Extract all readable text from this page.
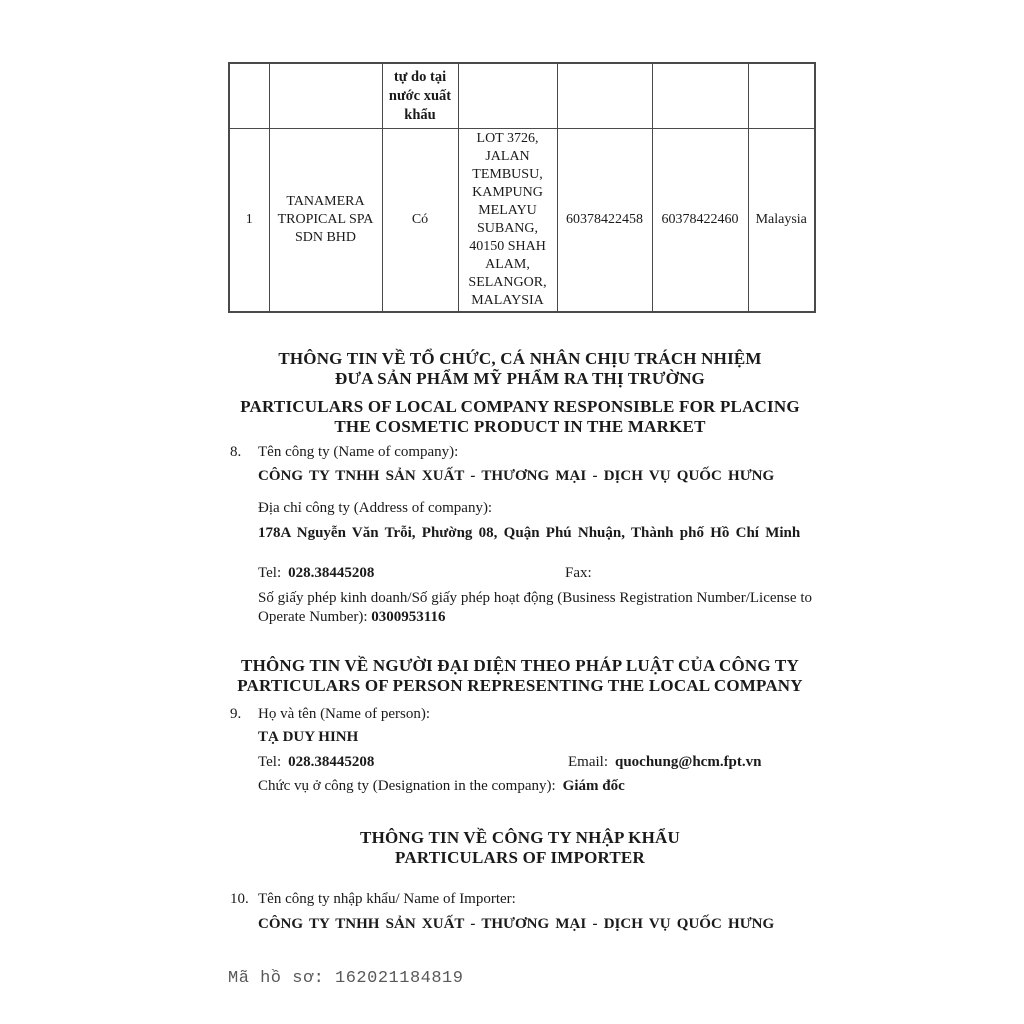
		tự do tại nước xuất khẩu				
1	TANAMERA TROPICAL SPA SDN BHD	Có	LOT 3726, JALAN TEMBUSU, KAMPUNG MELAYU SUBANG, 40150 SHAH ALAM, SELANGOR, MALAYSIA	60378422458	60378422460	Malaysia
THÔNG TIN VỀ TỔ CHỨC, CÁ NHÂN CHỊU TRÁCH NHIỆM
ĐƯA SẢN PHẨM MỸ PHẨM RA THỊ TRƯỜNG
PARTICULARS OF LOCAL COMPANY RESPONSIBLE FOR PLACING
THE COSMETIC PRODUCT IN THE MARKET
8. Tên công ty (Name of company):
CÔNG TY TNHH SẢN XUẤT - THƯƠNG MẠI - DỊCH VỤ QUỐC HƯNG
Địa chỉ công ty (Address of company):
178A Nguyễn Văn Trỗi, Phường 08, Quận Phú Nhuận, Thành phố Hồ Chí Minh
Tel: 028.38445208	Fax:

Số giấy phép kinh doanh/Số giấy phép hoạt động (Business Registration Number/License to Operate Number): 0300953116

THÔNG TIN VỀ NGƯỜI ĐẠI DIỆN THEO PHÁP LUẬT CỦA CÔNG TY
PARTICULARS OF PERSON REPRESENTING THE LOCAL COMPANY
9. Họ và tên (Name of person):
TẠ DUY HINH
Tel: 028.38445208	Email: quochung@hcm.fpt.vn
Chức vụ ở công ty (Designation in the company): Giám đốc
THÔNG TIN VỀ CÔNG TY NHẬP KHẨU
PARTICULARS OF IMPORTER
10. Tên công ty nhập khẩu/ Name of Importer:
CÔNG TY TNHH SẢN XUẤT - THƯƠNG MẠI - DỊCH VỤ QUỐC HƯNG
Mã hồ sơ: 162021184819
